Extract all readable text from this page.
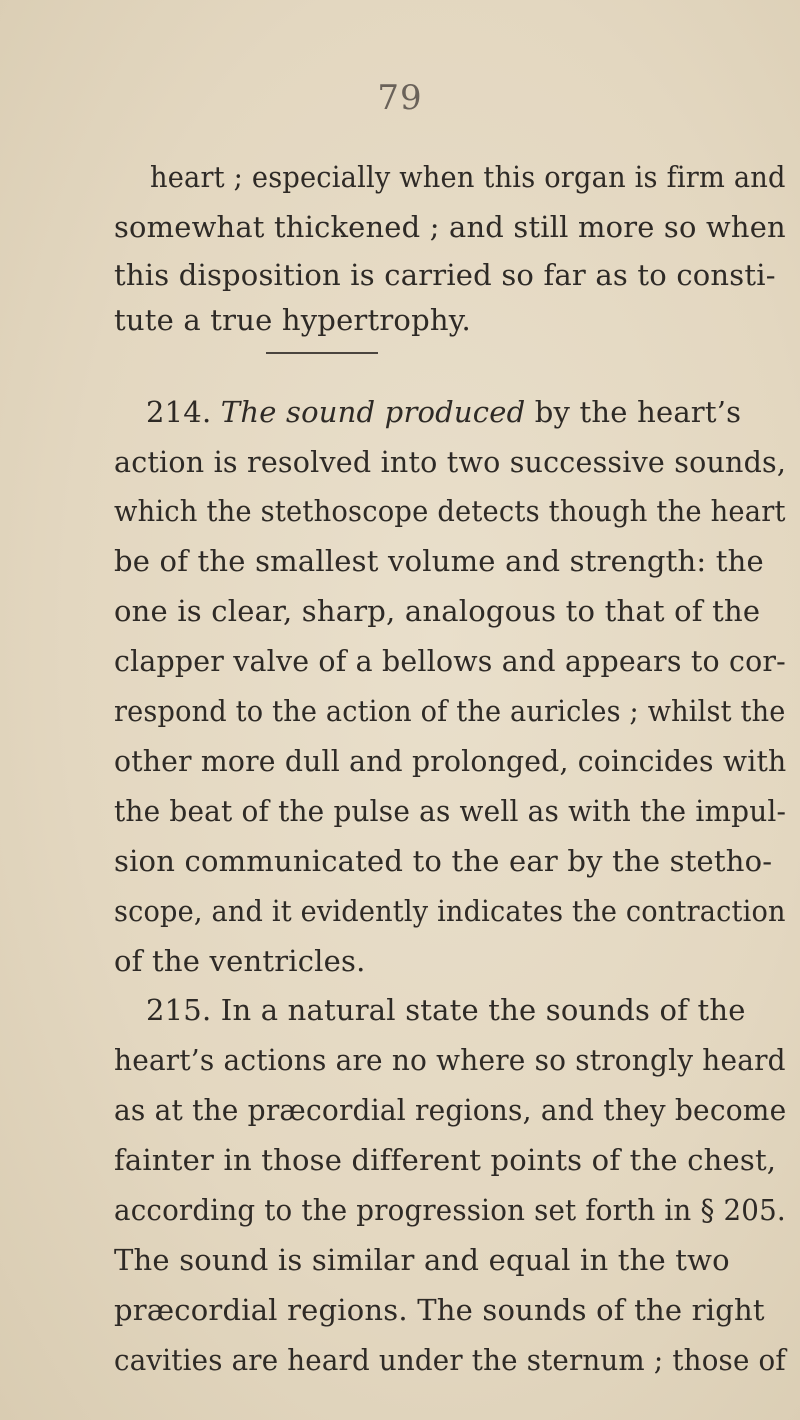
79
heart ; especially when this organ is firm and
somewhat thickened ; and still more so when
this disposition is carried so far as to consti-
tute a true hypertrophy.
214. The sound produced by the heart’s
action is resolved into two successive sounds,
which the stethoscope detects though the heart
be of the smallest volume and strength: the
one is clear, sharp, analogous to that of the
clapper valve of a bellows and appears to cor-
respond to the action of the auricles ; whilst the
other more dull and prolonged, coincides with
the beat of the pulse as well as with the impul-
sion communicated to the ear by the stetho-
scope, and it evidently indicates the contraction
of the ventricles.
215. In a natural state the sounds of the
heart’s actions are no where so strongly heard
as at the præcordial regions, and they become
fainter in those different points of the chest,
according to the progression set forth in § 205.
The sound is similar and equal in the two
præcordial regions. The sounds of the right
cavities are heard under the sternum ; those of
